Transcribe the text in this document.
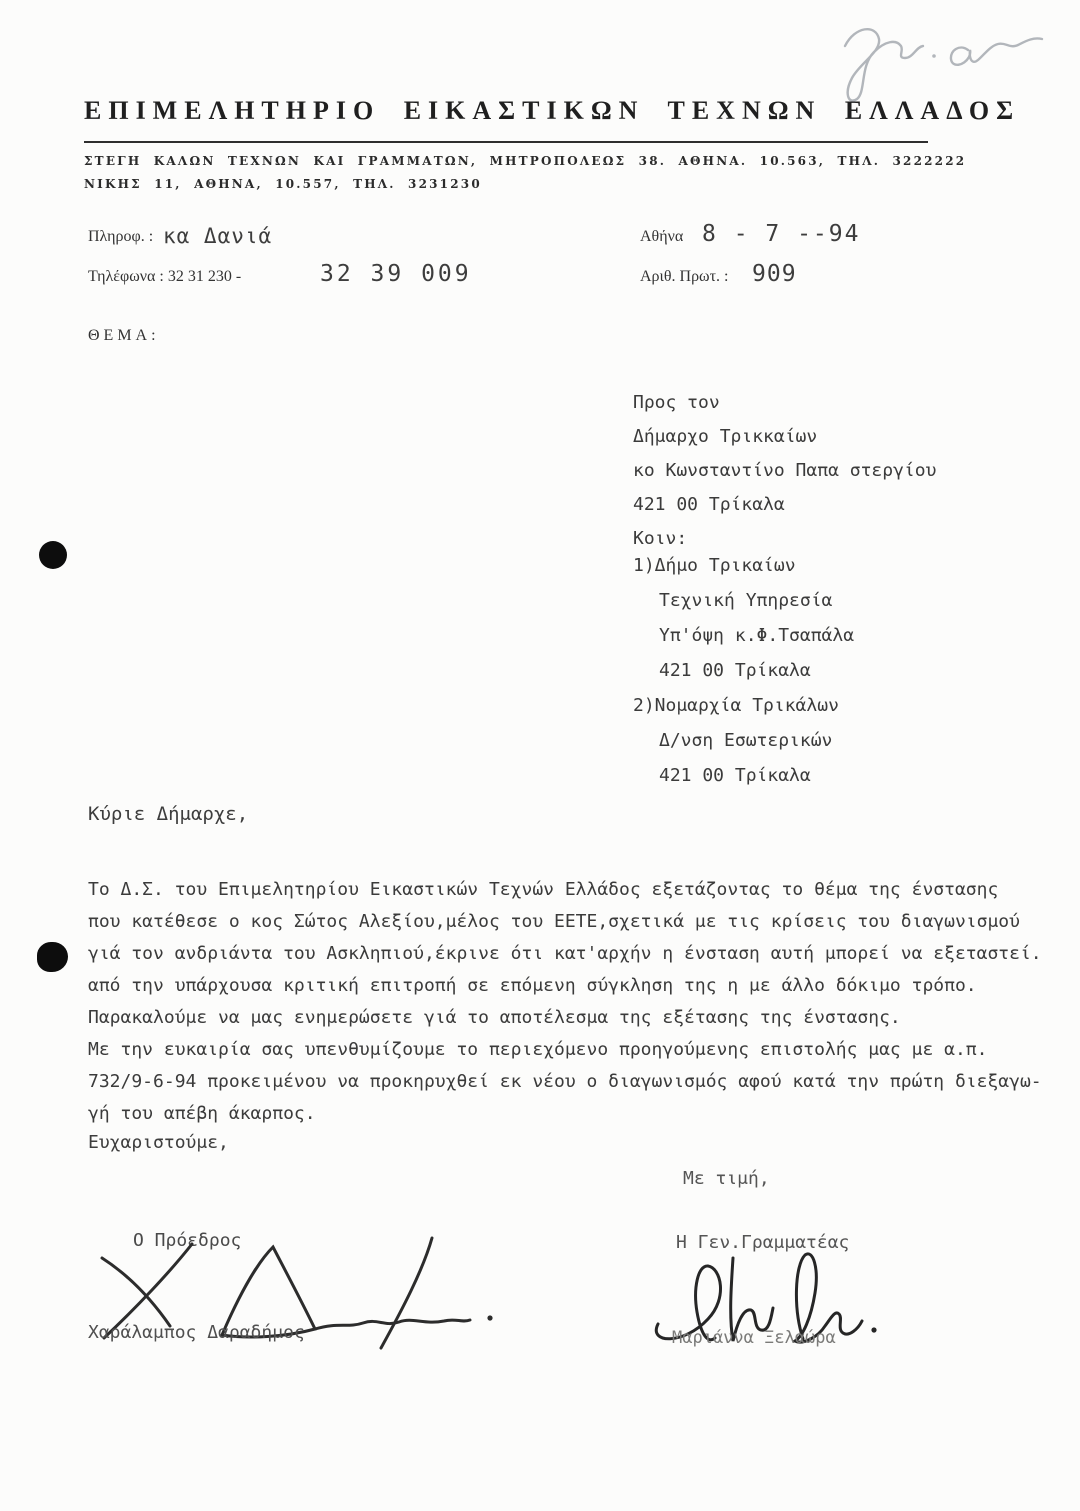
ΕΠΙΜΕΛΗΤΗΡΙΟ ΕΙΚΑΣΤΙΚΩΝ ΤΕΧΝΩΝ ΕΛΛΑΔΟΣ
ΣΤΕΓΗ ΚΑΛΩΝ ΤΕΧΝΩΝ ΚΑΙ ΓΡΑΜΜΑΤΩΝ, ΜΗΤΡΟΠΟΛΕΩΣ 38. ΑΘΗΝΑ. 10.563, ΤΗΛ. 3222222
ΝΙΚΗΣ 11, ΑΘΗΝΑ, 10.557, ΤΗΛ. 3231230
Πληροφ. : κα Δανιά
Τηλέφωνα : 32 31 230 -	32 39 009
Αθήνα 8 - 7 --94
Αριθ. Πρωτ. : 909
ΘΕΜΑ:
Προς τον
Δήμαρχο Τρικκαίων
κο Κωνσταντίνο Παπα στεργίου
421 00 Τρίκαλα
Κοιν:
1)Δήμο Τρικαίων
Τεχνική Υπηρεσία
Υπ'όψη κ.Φ.Τσαπάλα
421 00 Τρίκαλα
2)Νομαρχία Τρικάλων
Δ/νση Εσωτερικών
421 00 Τρίκαλα
Κύριε Δήμαρχε,
Το Δ.Σ. του Επιμελητηρίου Εικαστικών Τεχνών Ελλάδος εξετάζοντας το θέμα της ένστασης
που κατέθεσε ο κος Σώτος Αλεξίου,μέλος του ΕΕΤΕ,σχετικά με τις κρίσεις του διαγωνισμού
γιά τον ανδριάντα του Ασκληπιού,έκρινε ότι κατ'αρχήν η ένσταση αυτή μπορεί να εξεταστεί.
από την υπάρχουσα κριτική επιτροπή σε επόμενη σύγκληση της η με άλλο δόκιμο τρόπο.
Παρακαλούμε να μας ενημερώσετε γιά το αποτέλεσμα της εξέτασης της ένστασης.
Με την ευκαιρία σας υπενθυμίζουμε το περιεχόμενο προηγούμενης επιστολής μας με α.π.
732/9-6-94 προκειμένου να προκηρυχθεί εκ νέου ο διαγωνισμός αφού κατά την πρώτη διεξαγω-
γή του απέβη άκαρπος.
Ευχαριστούμε,
Με τιμή,
Ο Πρόεδρος
Χαράλαμπος Δαραδήμος
Η Γεν.Γραμματέας
Μαριάννα Ξελαώρα
